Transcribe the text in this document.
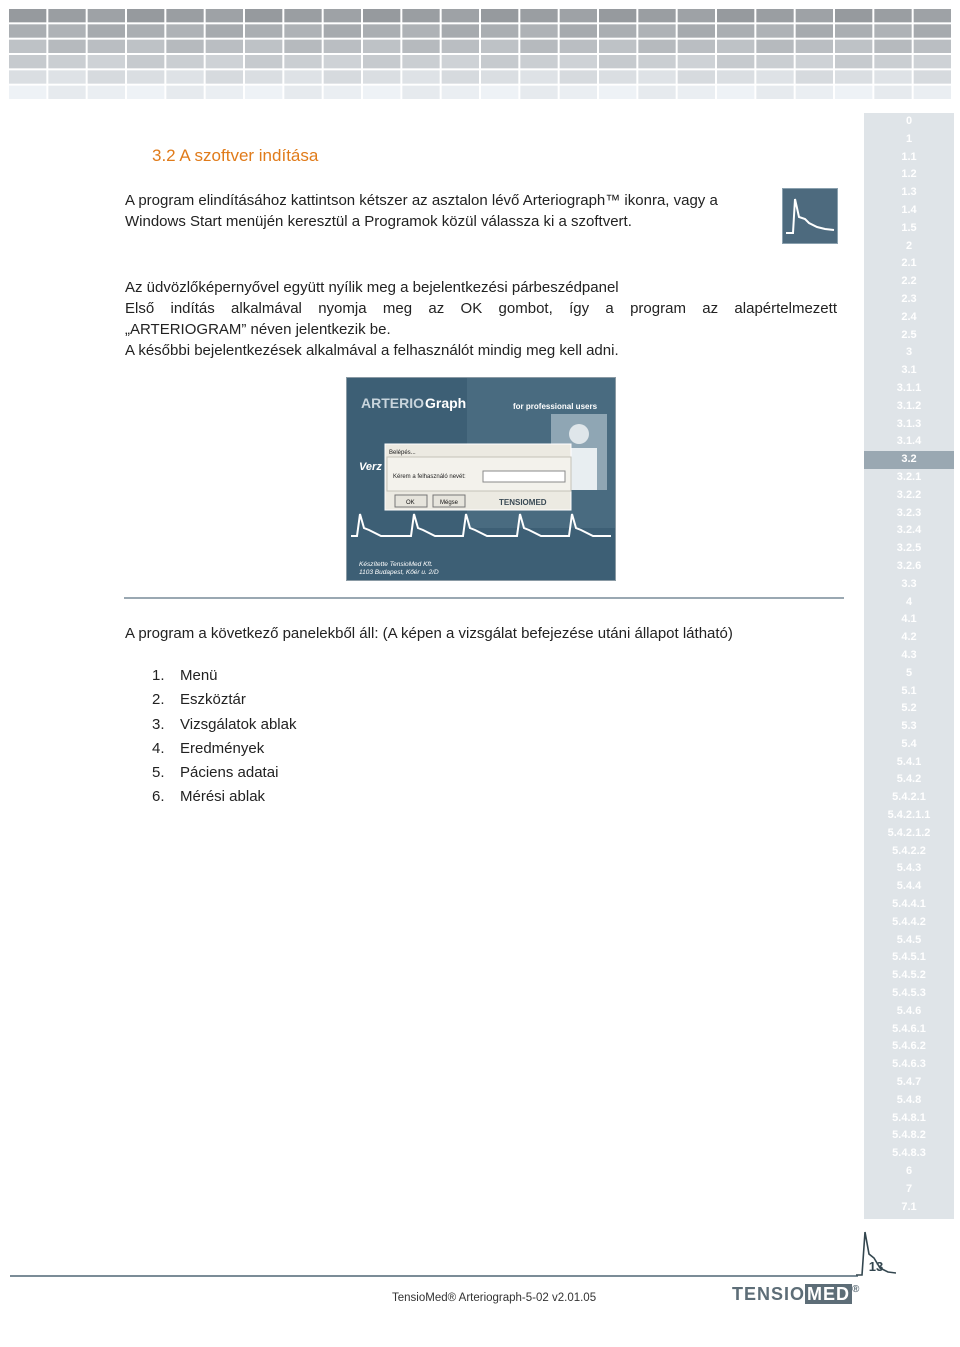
3.2 A szoftver indítása
A program elindításához kattintson kétszer az asztalon lévő Arteriograph™ ikonra, vagy a
Windows Start menüjén keresztül a Programok közül válassza ki a szoftvert.
Az üdvözlőképernyővel együtt nyílik meg a bejelentkezési párbeszédpanel
Első indítás alkalmával nyomja meg az OK gombot, így a program az alapértelmezett
„ARTERIOGRAM” néven jelentkezik be.
A későbbi bejelentkezések alkalmával a felhasználót mindig meg kell adni.
ARTERIO Graph	for professional users
Verz
Belépés...
Kérem a felhasználó nevét:
OK	Mégse	TENSIOMED
Készítette TensioMed Kft.
1103 Budapest, Kőér u. 2/D
A program a következő panelekből áll: (A képen a vizsgálat befejezése utáni állapot látható)
1. Menü
2. Eszköztár
3. Vizsgálatok ablak
4. Eredmények
5. Páciens adatai
6. Mérési ablak
0
1
1.1
1.2
1.3
1.4
1.5
2
2.1
2.2
2.3
2.4
2.5
3
3.1
3.1.1
3.1.2
3.1.3
3.1.4
3.2
3.2.1
3.2.2
3.2.3
3.2.4
3.2.5
3.2.6
3.3
4
4.1
4.2
4.3
5
5.1
5.2
5.3
5.4
5.4.1
5.4.2
5.4.2.1
5.4.2.1.1
5.4.2.1.2
5.4.2.2
5.4.3
5.4.4
5.4.4.1
5.4.4.2
5.4.5
5.4.5.1
5.4.5.2
5.4.5.3
5.4.6
5.4.6.1
5.4.6.2
5.4.6.3
5.4.7
5.4.8
5.4.8.1
5.4.8.2
5.4.8.3
6
7
7.1
13
TensioMed® Arteriograph-5-02 v2.01.05	TENSIO MED ®
